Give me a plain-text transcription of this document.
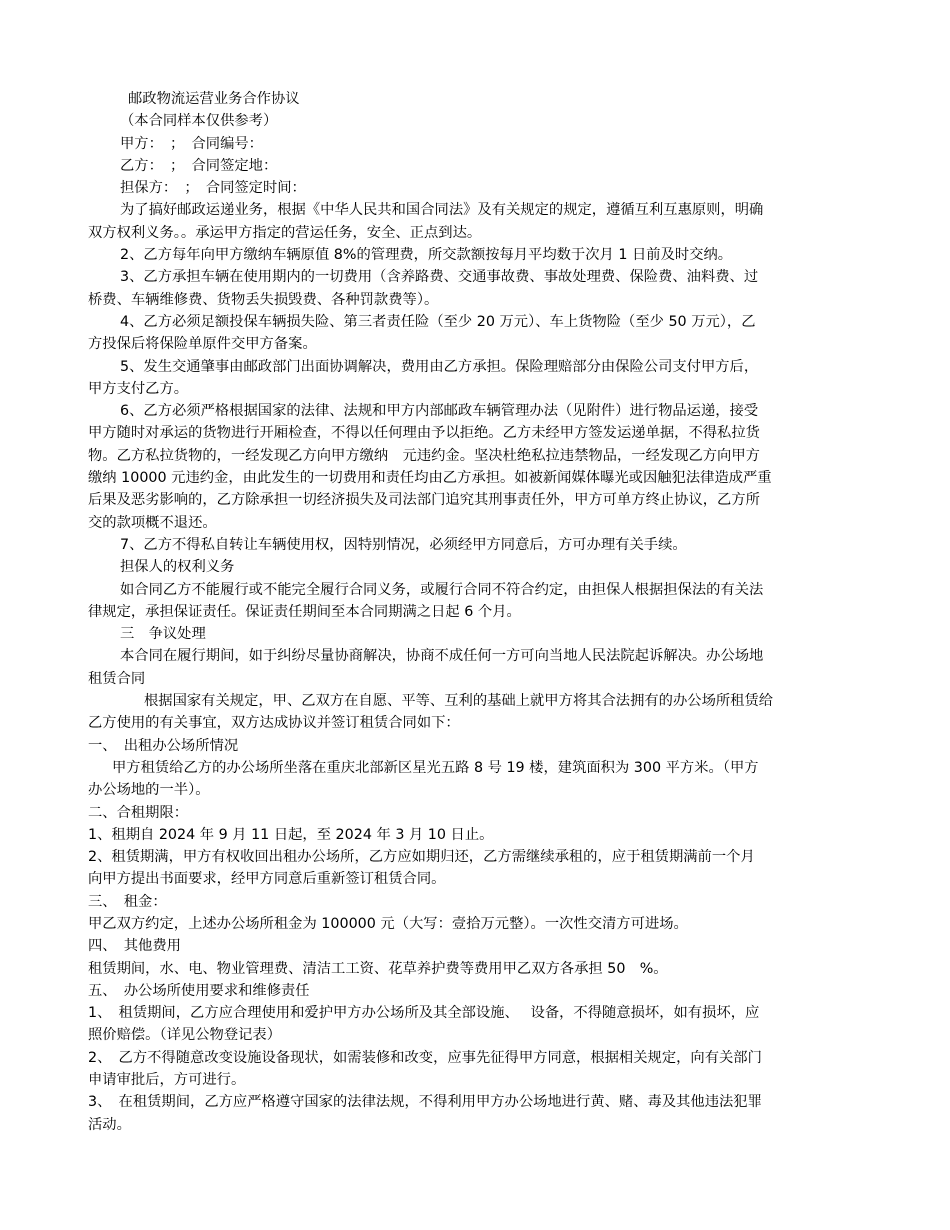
邮政物流运营业务合作协议
（本合同样本仅供参考）
甲方：　；　合同编号：
乙方：　；　合同签定地：
担保方：　；　合同签定时间：
为了搞好邮政运递业务，根据《中华人民共和国合同法》及有关规定的规定，遵循互利互惠原则，明确
双方权利义务。。承运甲方指定的营运任务，安全、正点到达。
2、乙方每年向甲方缴纳车辆原值 8%的管理费，所交款额按每月平均数于次月 1 日前及时交纳。
3、乙方承担车辆在使用期内的一切费用（含养路费、交通事故费、事故处理费、保险费、油料费、过
桥费、车辆维修费、货物丢失损毁费、各种罚款费等）。
4、乙方必须足额投保车辆损失险、第三者责任险（至少 20 万元）、车上货物险（至少 50 万元），乙
方投保后将保险单原件交甲方备案。
5、发生交通肇事由邮政部门出面协调解决，费用由乙方承担。保险理赔部分由保险公司支付甲方后，
甲方支付乙方。
6、乙方必须严格根据国家的法律、法规和甲方内部邮政车辆管理办法（见附件）进行物品运递，接受
甲方随时对承运的货物进行开厢检查，不得以任何理由予以拒绝。乙方未经甲方签发运递单据，不得私拉货
物。乙方私拉货物的，一经发现乙方向甲方缴纳　元违约金。坚决杜绝私拉违禁物品，一经发现乙方向甲方
缴纳 10000 元违约金，由此发生的一切费用和责任均由乙方承担。如被新闻媒体曝光或因触犯法律造成严重
后果及恶劣影响的，乙方除承担一切经济损失及司法部门追究其刑事责任外，甲方可单方终止协议，乙方所
交的款项概不退还。
7、乙方不得私自转让车辆使用权，因特别情况，必须经甲方同意后，方可办理有关手续。
担保人的权利义务
如合同乙方不能履行或不能完全履行合同义务，或履行合同不符合约定，由担保人根据担保法的有关法
律规定，承担保证责任。保证责任期间至本合同期满之日起 6 个月。
三　争议处理
本合同在履行期间，如于纠纷尽量协商解决，协商不成任何一方可向当地人民法院起诉解决。办公场地
租赁合同
根据国家有关规定，甲、乙双方在自愿、平等、互利的基础上就甲方将其合法拥有的办公场所租赁给
乙方使用的有关事宜，双方达成协议并签订租赁合同如下：
一、　出租办公场所情况
甲方租赁给乙方的办公场所坐落在重庆北部新区星光五路 8 号 19 楼，建筑面积为 300 平方米。（甲方
办公场地的一半）。
二、合租期限：
1、租期自 2024 年 9 月 11 日起，至 2024 年 3 月 10 日止。
2、租赁期满，甲方有权收回出租办公场所，乙方应如期归还，乙方需继续承租的，应于租赁期满前一个月
向甲方提出书面要求，经甲方同意后重新签订租赁合同。
三、　租金：
甲乙双方约定，上述办公场所租金为 100000 元（大写：壹拾万元整）。一次性交清方可进场。
四、　其他费用
租赁期间，水、电、物业管理费、清洁工工资、花草养护费等费用甲乙双方各承担 50　%。
五、　办公场所使用要求和维修责任
1、　租赁期间，乙方应合理使用和爱护甲方办公场所及其全部设施、　 设备，不得随意损坏，如有损坏，应
照价赔偿。（详见公物登记表）
2、　乙方不得随意改变设施设备现状，如需装修和改变，应事先征得甲方同意，根据相关规定，向有关部门
申请审批后，方可进行。
3、　在租赁期间，乙方应严格遵守国家的法律法规，不得利用甲方办公场地进行黄、赌、毒及其他违法犯罪
活动。
